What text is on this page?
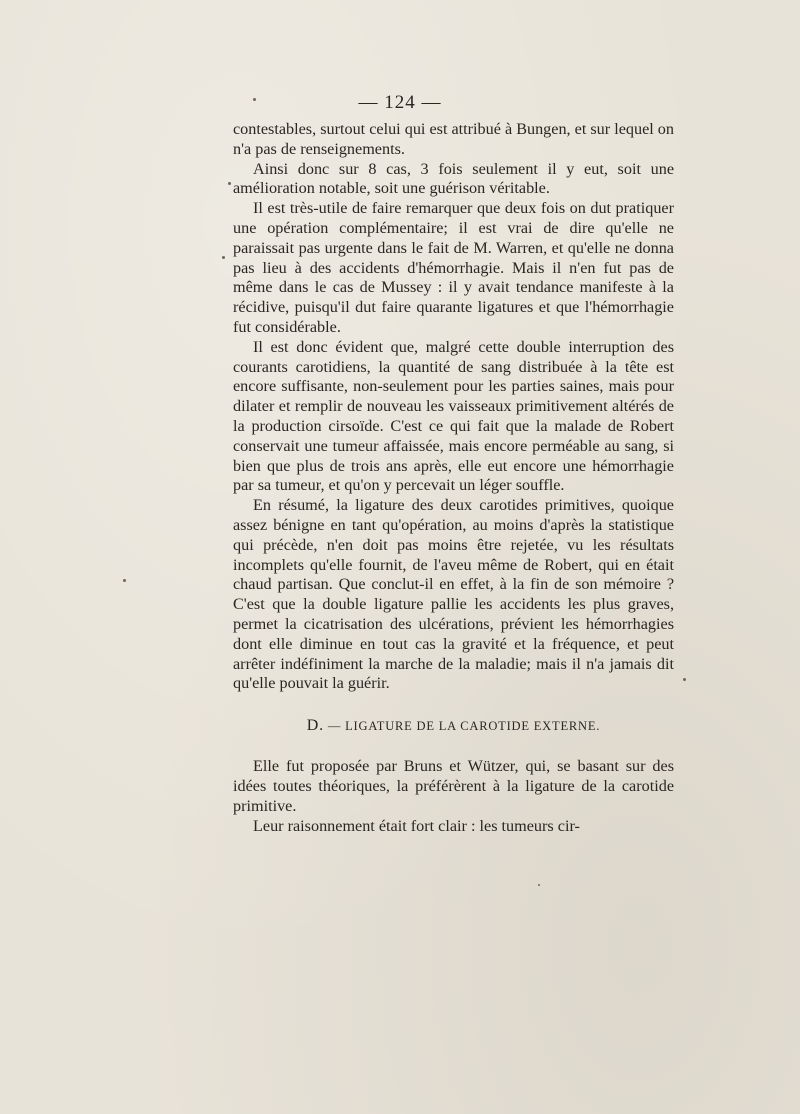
— 124 —

contestables, surtout celui qui est attribué à Bungen, et sur lequel on n'a pas de renseignements.

Ainsi donc sur 8 cas, 3 fois seulement il y eut, soit une amélioration notable, soit une guérison véritable.

Il est très-utile de faire remarquer que deux fois on dut pratiquer une opération complémentaire; il est vrai de dire qu'elle ne paraissait pas urgente dans le fait de M. Warren, et qu'elle ne donna pas lieu à des accidents d'hémorrhagie. Mais il n'en fut pas de même dans le cas de Mussey : il y avait tendance manifeste à la récidive, puisqu'il dut faire quarante ligatures et que l'hémorrhagie fut considérable.

Il est donc évident que, malgré cette double interruption des courants carotidiens, la quantité de sang distribuée à la tête est encore suffisante, non-seulement pour les parties saines, mais pour dilater et remplir de nouveau les vaisseaux primitivement altérés de la production cirsoïde. C'est ce qui fait que la malade de Robert conservait une tumeur affaissée, mais encore perméable au sang, si bien que plus de trois ans après, elle eut encore une hémorrhagie par sa tumeur, et qu'on y percevait un léger souffle.

En résumé, la ligature des deux carotides primitives, quoique assez bénigne en tant qu'opération, au moins d'après la statistique qui précède, n'en doit pas moins être rejetée, vu les résultats incomplets qu'elle fournit, de l'aveu même de Robert, qui en était chaud partisan. Que conclut-il en effet, à la fin de son mémoire ? C'est que la double ligature pallie les accidents les plus graves, permet la cicatrisation des ulcérations, prévient les hémorrhagies dont elle diminue en tout cas la gravité et la fréquence, et peut arrêter indéfiniment la marche de la maladie; mais il n'a jamais dit qu'elle pouvait la guérir.

D. — LIGATURE DE LA CAROTIDE EXTERNE.

Elle fut proposée par Bruns et Wützer, qui, se basant sur des idées toutes théoriques, la préférèrent à la ligature de la carotide primitive.

Leur raisonnement était fort clair : les tumeurs cir-
